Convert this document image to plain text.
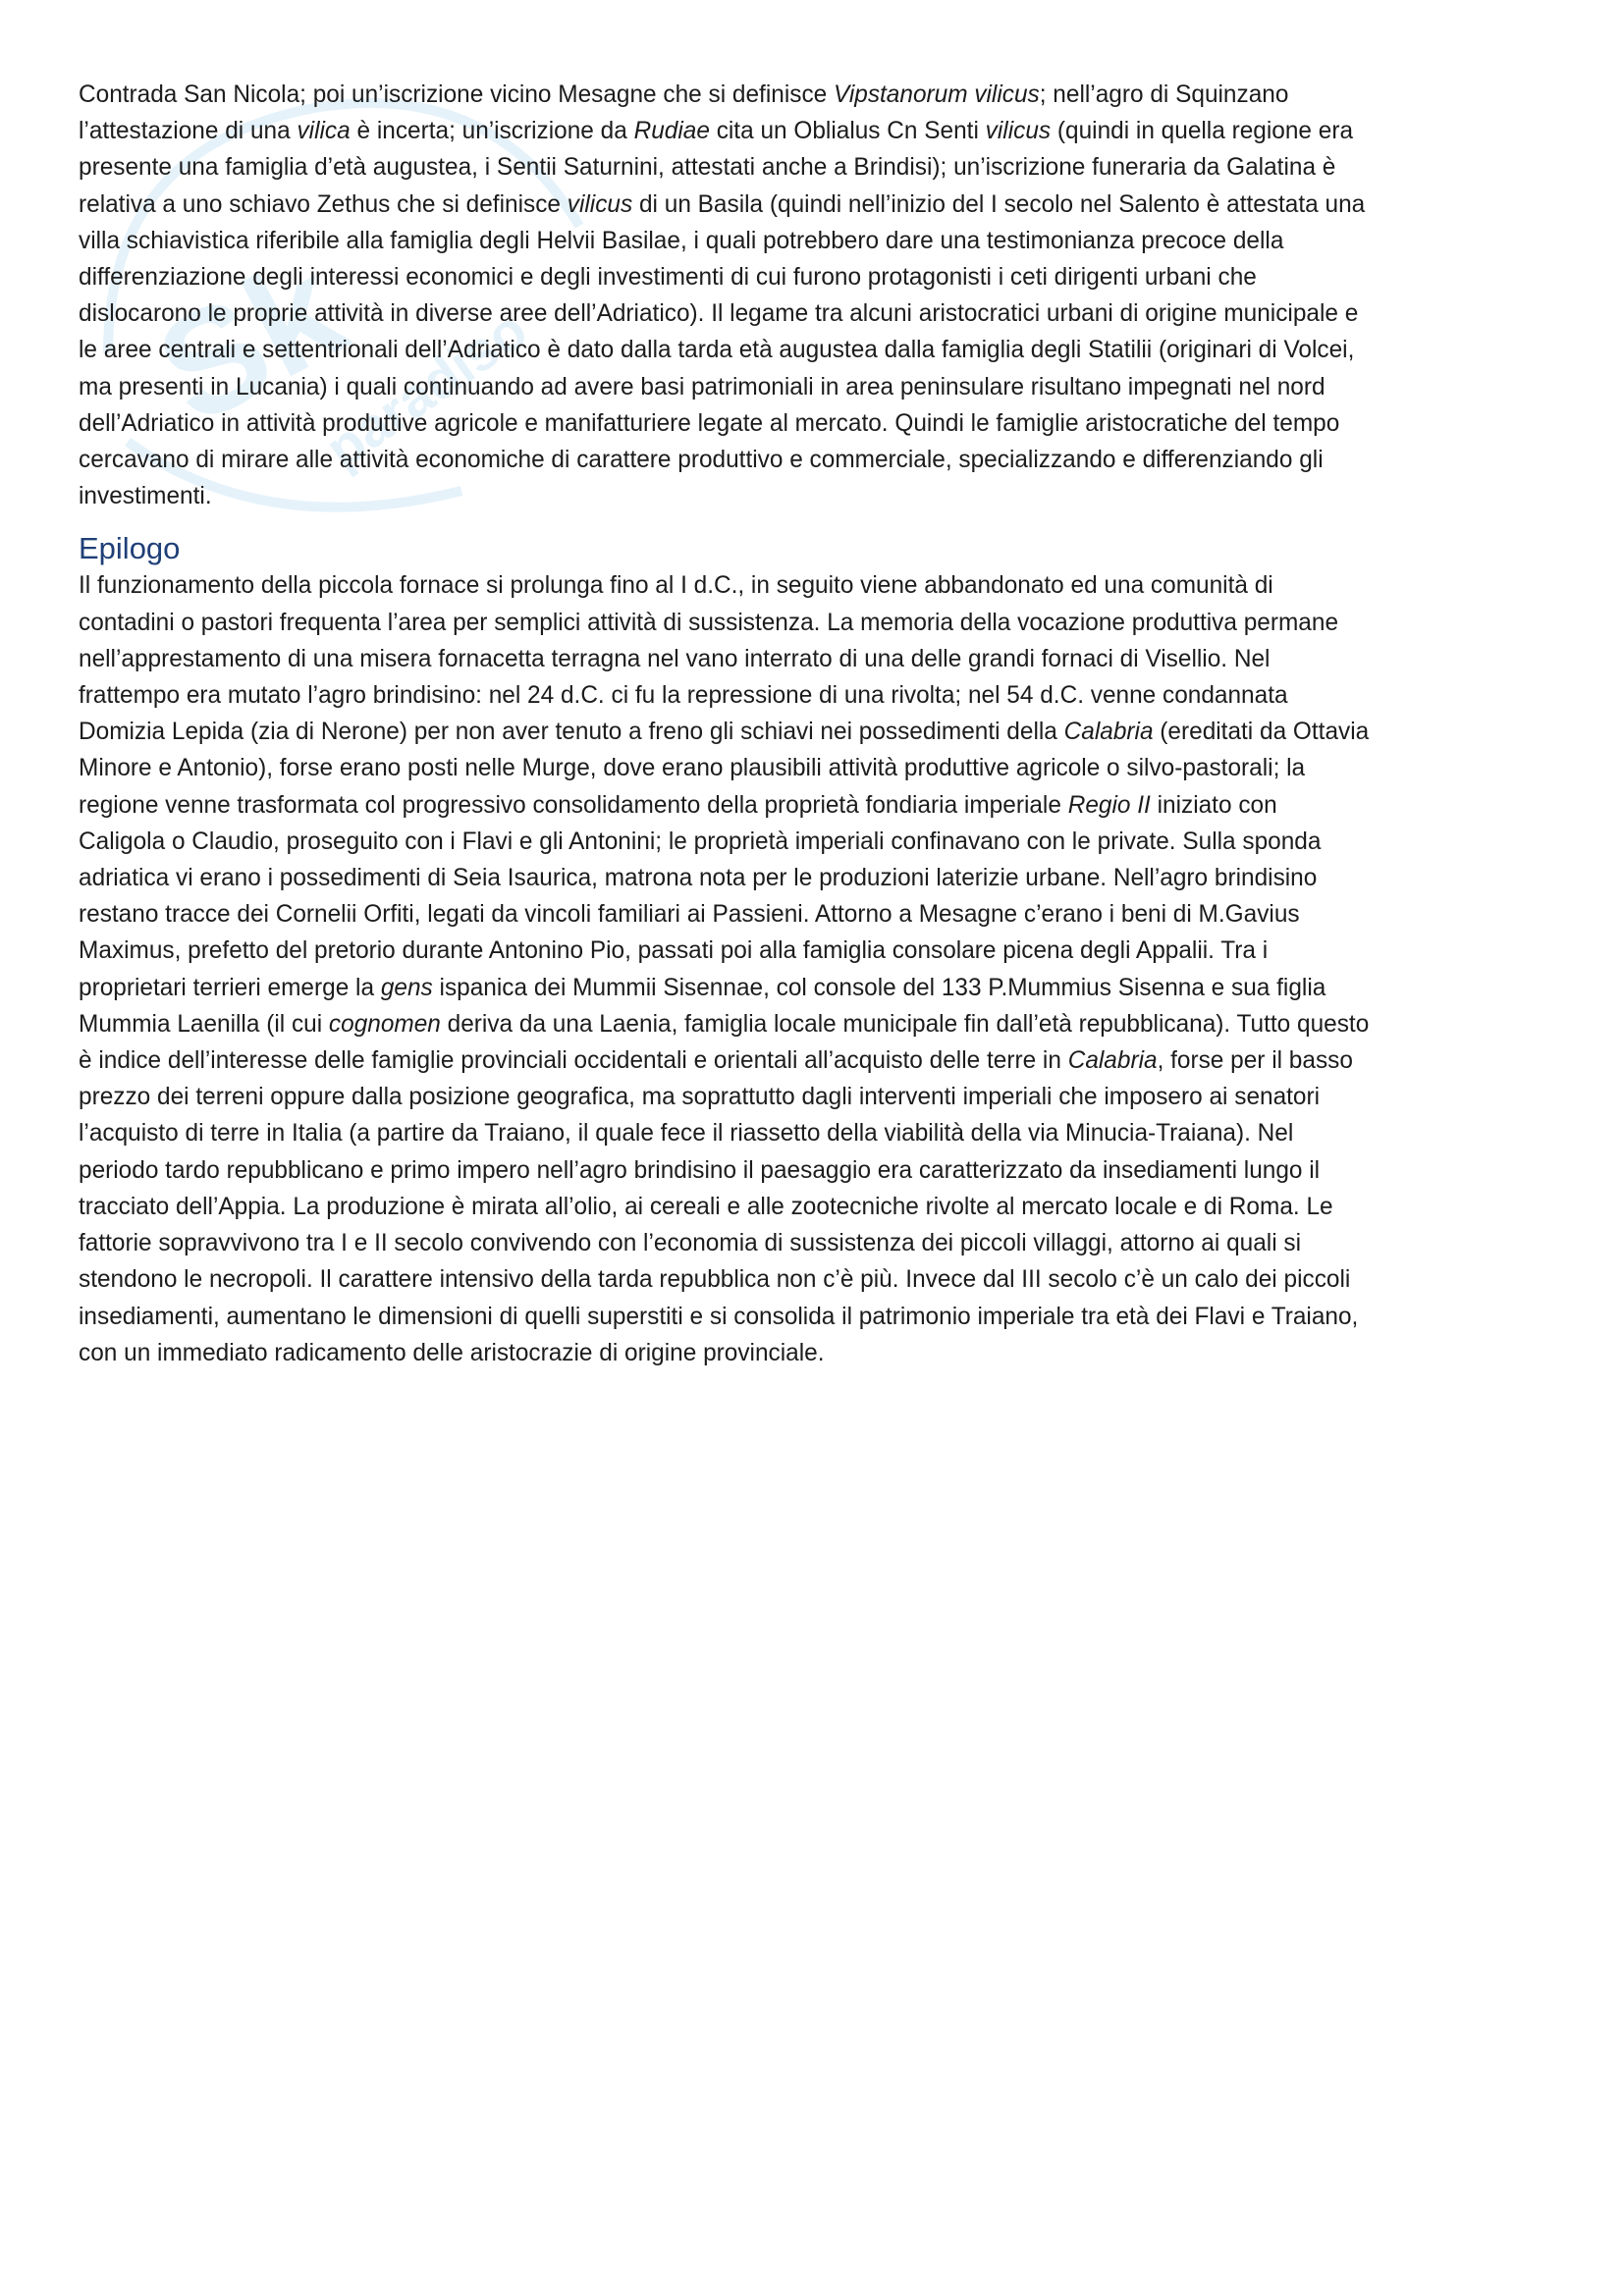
Sk
paradiso

Contrada San Nicola; poi un’iscrizione vicino Mesagne che si definisce Vipstanorum vilicus; nell’agro di Squinzano
l’attestazione di una vilica è incerta; un’iscrizione da Rudiae cita un Oblialus Cn Senti vilicus (quindi in quella regione era
presente una famiglia d’età augustea, i Sentii Saturnini, attestati anche a Brindisi); un’iscrizione funeraria da Galatina è
relativa a uno schiavo Zethus che si definisce vilicus di un Basila (quindi nell’inizio del I secolo nel Salento è attestata una
villa schiavistica riferibile alla famiglia degli Helvii Basilae, i quali potrebbero dare una testimonianza precoce della
differenziazione degli interessi economici e degli investimenti di cui furono protagonisti i ceti dirigenti urbani che
dislocarono le proprie attività in diverse aree dell’Adriatico). Il legame tra alcuni aristocratici urbani di origine municipale e
le aree centrali e settentrionali dell’Adriatico è dato dalla tarda età augustea dalla famiglia degli Statilii (originari di Volcei,
ma presenti in Lucania) i quali continuando ad avere basi patrimoniali in area peninsulare risultano impegnati nel nord
dell’Adriatico in attività produttive agricole e manifatturiere legate al mercato. Quindi le famiglie aristocratiche del tempo
cercavano di mirare alle attività economiche di carattere produttivo e commerciale, specializzando e differenziando gli
investimenti.

Epilogo

Il funzionamento della piccola fornace si prolunga fino al I d.C., in seguito viene abbandonato ed una comunità di
contadini o pastori frequenta l’area per semplici attività di sussistenza. La memoria della vocazione produttiva permane
nell’apprestamento di una misera fornacetta terragna nel vano interrato di una delle grandi fornaci di Visellio. Nel
frattempo era mutato l’agro brindisino: nel 24 d.C. ci fu la repressione di una rivolta; nel 54 d.C. venne condannata
Domizia Lepida (zia di Nerone) per non aver tenuto a freno gli schiavi nei possedimenti della Calabria (ereditati da Ottavia
Minore e Antonio), forse erano posti nelle Murge, dove erano plausibili attività produttive agricole o silvo-pastorali; la
regione venne trasformata col progressivo consolidamento della proprietà fondiaria imperiale Regio II iniziato con
Caligola o Claudio, proseguito con i Flavi e gli Antonini; le proprietà imperiali confinavano con le private. Sulla sponda
adriatica vi erano i possedimenti di Seia Isaurica, matrona nota per le produzioni laterizie urbane. Nell’agro brindisino
restano tracce dei Cornelii Orfiti, legati da vincoli familiari ai Passieni. Attorno a Mesagne c’erano i beni di M.Gavius
Maximus, prefetto del pretorio durante Antonino Pio, passati poi alla famiglia consolare picena degli Appalii. Tra i
proprietari terrieri emerge la gens ispanica dei Mummii Sisennae, col console del 133 P.Mummius Sisenna e sua figlia
Mummia Laenilla (il cui cognomen deriva da una Laenia, famiglia locale municipale fin dall’età repubblicana). Tutto questo
è indice dell’interesse delle famiglie provinciali occidentali e orientali all’acquisto delle terre in Calabria, forse per il basso
prezzo dei terreni oppure dalla posizione geografica, ma soprattutto dagli interventi imperiali che imposero ai senatori
l’acquisto di terre in Italia (a partire da Traiano, il quale fece il riassetto della viabilità della via Minucia-Traiana). Nel
periodo tardo repubblicano e primo impero nell’agro brindisino il paesaggio era caratterizzato da insediamenti lungo il
tracciato dell’Appia. La produzione è mirata all’olio, ai cereali e alle zootecniche rivolte al mercato locale e di Roma. Le
fattorie sopravvivono tra I e II secolo convivendo con l’economia di sussistenza dei piccoli villaggi, attorno ai quali si
stendono le necropoli. Il carattere intensivo della tarda repubblica non c’è più. Invece dal III secolo c’è un calo dei piccoli
insediamenti, aumentano le dimensioni di quelli superstiti e si consolida il patrimonio imperiale tra età dei Flavi e Traiano,
con un immediato radicamento delle aristocrazie di origine provinciale.
